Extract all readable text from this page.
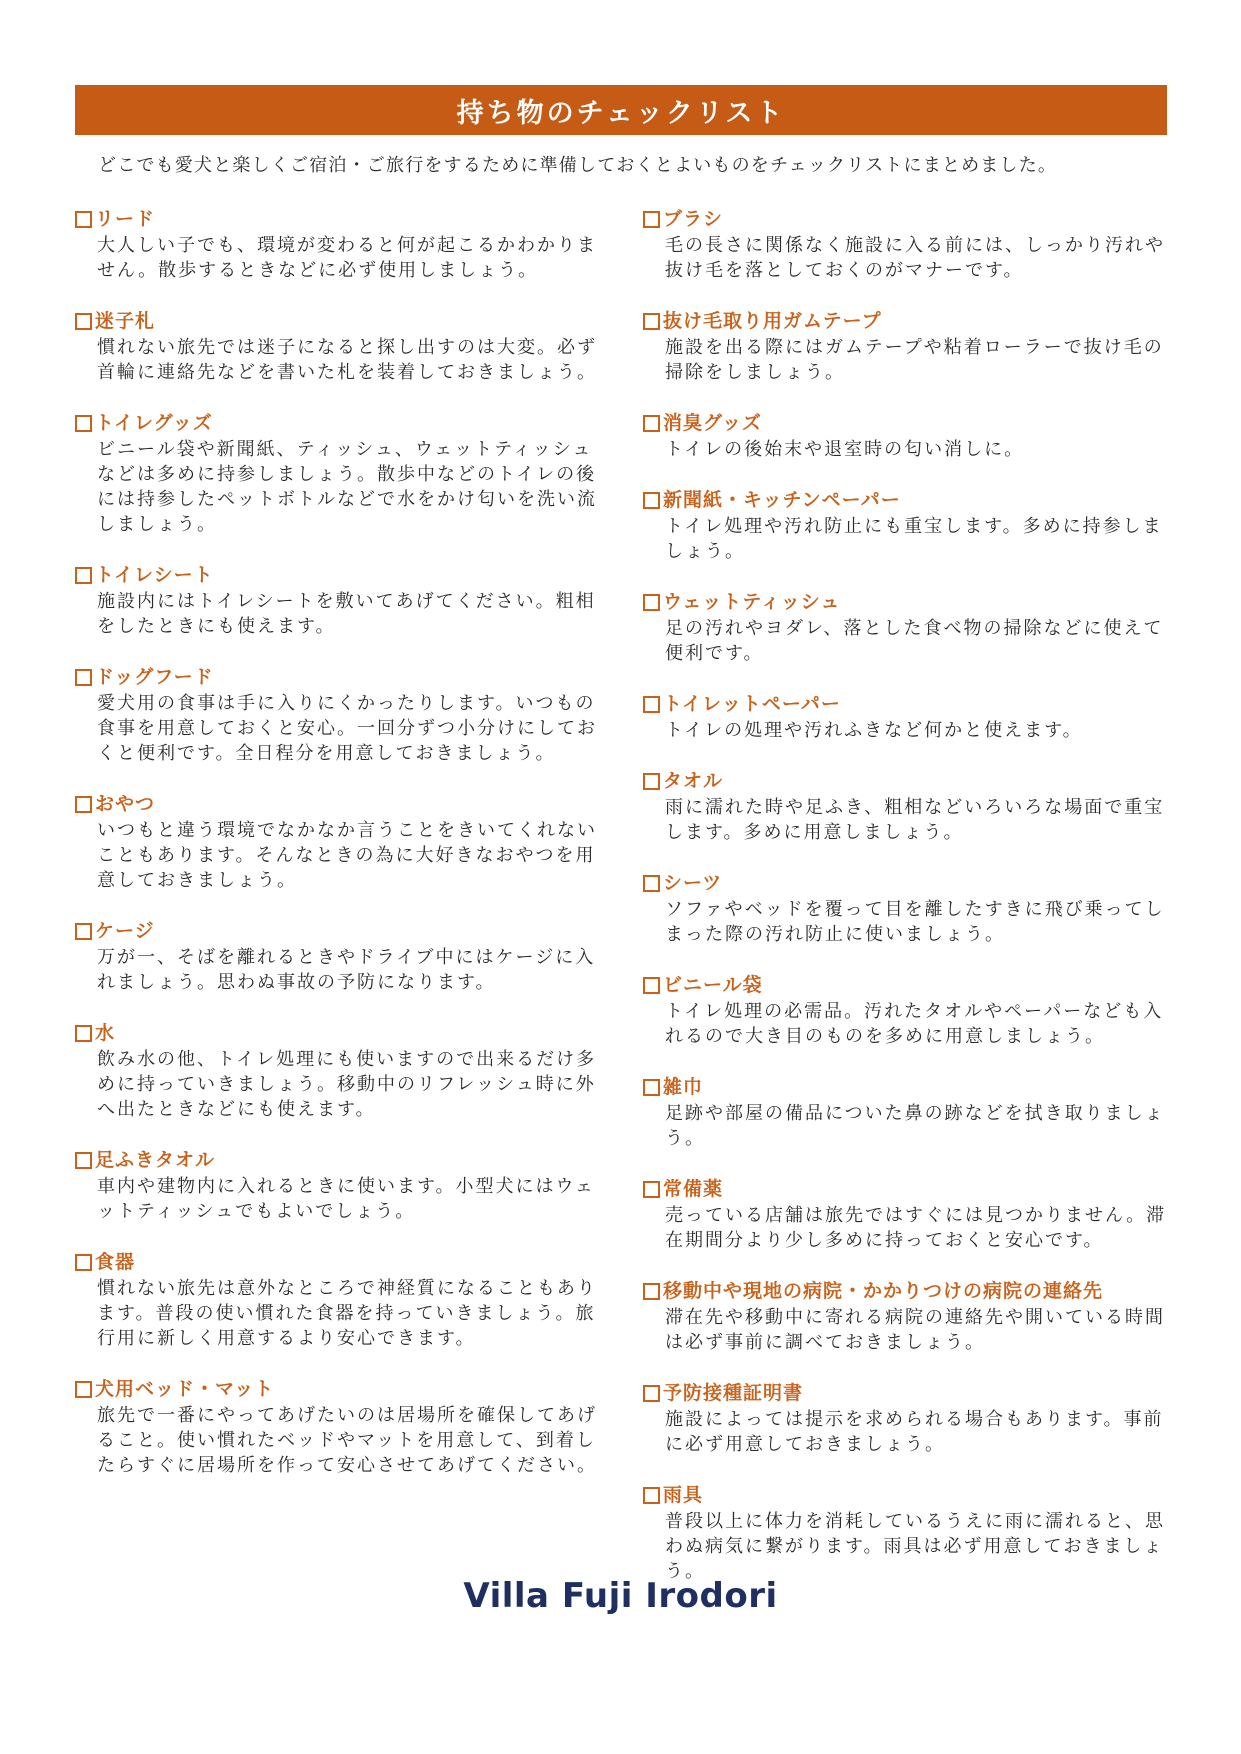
持ち物のチェックリスト
どこでも愛犬と楽しくご宿泊・ご旅行をするために準備しておくとよいものをチェックリストにまとめました。
リード
大人しい子でも、環境が変わると何が起こるかわかりません。散歩するときなどに必ず使用しましょう。
迷子札
慣れない旅先では迷子になると探し出すのは大変。必ず首輪に連絡先などを書いた札を装着しておきましょう。
トイレグッズ
ビニール袋や新聞紙、ティッシュ、ウェットティッシュなどは多めに持参しましょう。散歩中などのトイレの後には持参したペットボトルなどで水をかけ匂いを洗い流しましょう。
トイレシート
施設内にはトイレシートを敷いてあげてください。粗相をしたときにも使えます。
ドッグフード
愛犬用の食事は手に入りにくかったりします。いつもの食事を用意しておくと安心。一回分ずつ小分けにしておくと便利です。全日程分を用意しておきましょう。
おやつ
いつもと違う環境でなかなか言うことをきいてくれないこともあります。そんなときの為に大好きなおやつを用意しておきましょう。
ケージ
万が一、そばを離れるときやドライブ中にはケージに入れましょう。思わぬ事故の予防になります。
水
飲み水の他、トイレ処理にも使いますので出来るだけ多めに持っていきましょう。移動中のリフレッシュ時に外へ出たときなどにも使えます。
足ふきタオル
車内や建物内に入れるときに使います。小型犬にはウェットティッシュでもよいでしょう。
食器
慣れない旅先は意外なところで神経質になることもあります。普段の使い慣れた食器を持っていきましょう。旅行用に新しく用意するより安心できます。
犬用ベッド・マット
旅先で一番にやってあげたいのは居場所を確保してあげること。使い慣れたベッドやマットを用意して、到着したらすぐに居場所を作って安心させてあげてください。
ブラシ
毛の長さに関係なく施設に入る前には、しっかり汚れや抜け毛を落としておくのがマナーです。
抜け毛取り用ガムテープ
施設を出る際にはガムテープや粘着ローラーで抜け毛の掃除をしましょう。
消臭グッズ
トイレの後始末や退室時の匂い消しに。
新聞紙・キッチンペーパー
トイレ処理や汚れ防止にも重宝します。多めに持参しましょう。
ウェットティッシュ
足の汚れやヨダレ、落とした食べ物の掃除などに使えて便利です。
トイレットペーパー
トイレの処理や汚れふきなど何かと使えます。
タオル
雨に濡れた時や足ふき、粗相などいろいろな場面で重宝します。多めに用意しましょう。
シーツ
ソファやベッドを覆って目を離したすきに飛び乗ってしまった際の汚れ防止に使いましょう。
ビニール袋
トイレ処理の必需品。汚れたタオルやペーパーなども入れるので大き目のものを多めに用意しましょう。
雑巾
足跡や部屋の備品についた鼻の跡などを拭き取りましょう。
常備薬
売っている店舗は旅先ではすぐには見つかりません。滞在期間分より少し多めに持っておくと安心です。
移動中や現地の病院・かかりつけの病院の連絡先
滞在先や移動中に寄れる病院の連絡先や開いている時間は必ず事前に調べておきましょう。
予防接種証明書
施設によっては提示を求められる場合もあります。事前に必ず用意しておきましょう。
雨具
普段以上に体力を消耗しているうえに雨に濡れると、思わぬ病気に繋がります。雨具は必ず用意しておきましょう。
Villa Fuji Irodori
